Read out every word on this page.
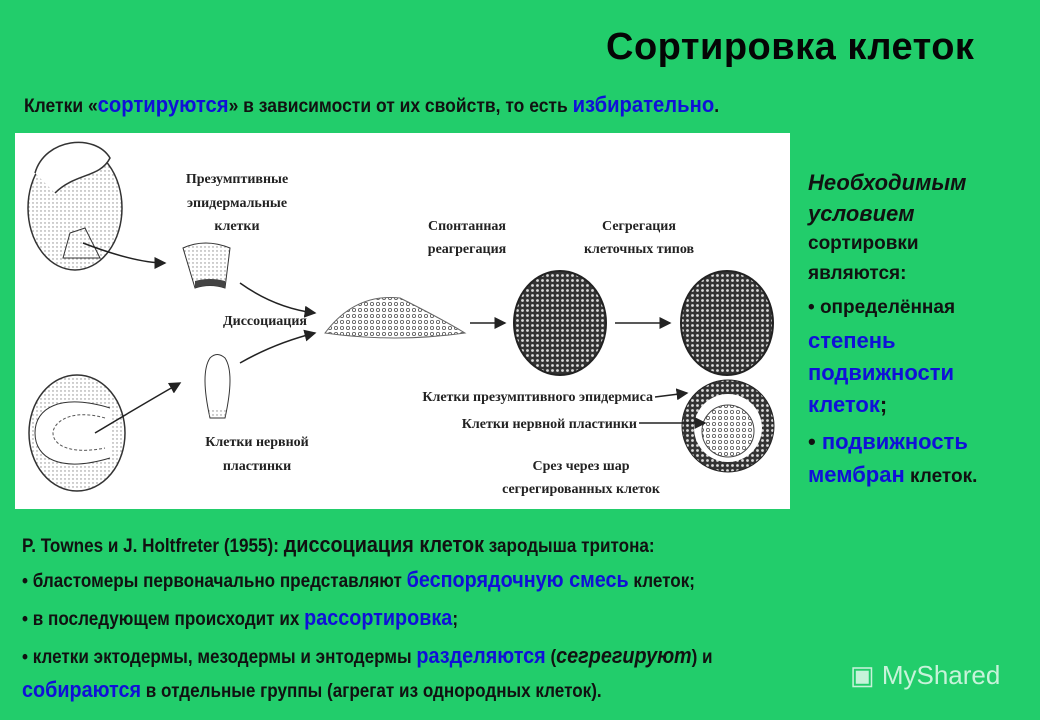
Сортировка клеток
Клетки «сортируются» в зависимости от их свойств, то есть избирательно.
Презумптивные
эпидермальные
клетки
Диссоциация
Спонтанная
реагрегация
Сегрегация
клеточных типов
Клетки презумптивного эпидермиса
Клетки нервной пластинки
Клетки нервной
пластинки	Срез через шар
сегрегированных клеток
Необходимым
условием
сортировки
являются:
• определённая
степень
подвижности
клеток;
• подвижность
мембран клеток.
P. Townes и J. Holtfreter (1955): диссоциация клеток зародыша тритона:
• бластомеры первоначально представляют беспорядочную смесь клеток;
• в последующем происходит их рассортировка;
• клетки эктодермы, мезодермы и энтодермы разделяются (сегрегируют) и
собираются в отдельные группы (агрегат из однородных клеток).
▣ MyShared
